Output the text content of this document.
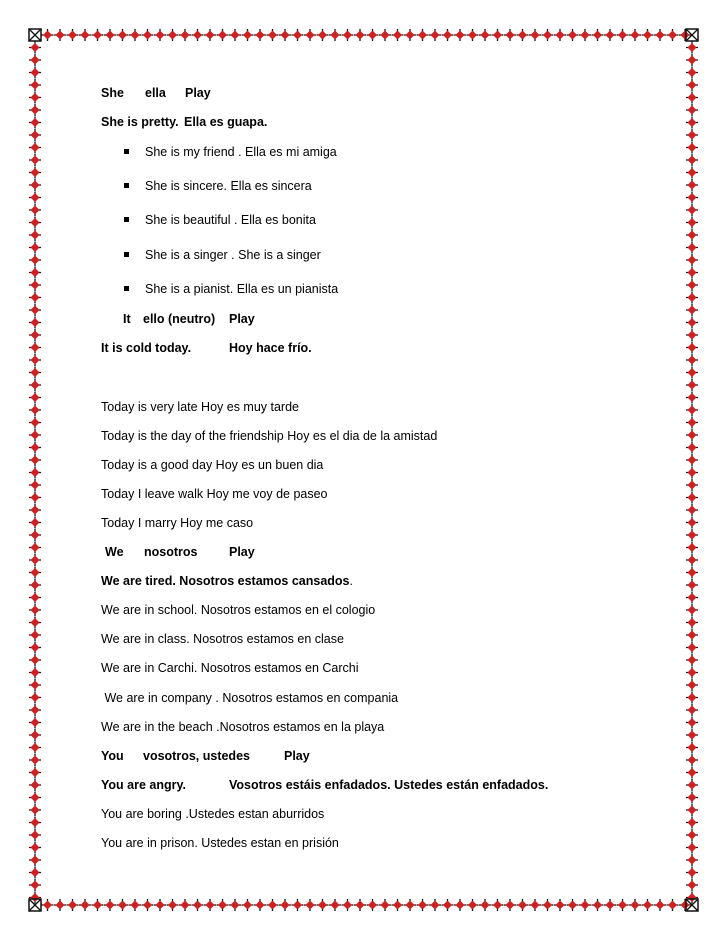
She ella Play
She is pretty. Ella es guapa.
She is my friend . Ella es mi amiga
She is sincere. Ella es sincera
She is beautiful . Ella es bonita
She is a singer . She is a singer
She is a pianist. Ella es un pianista
It ello (neutro) Play
It is cold today.	Hoy hace frío.
Today is very late Hoy es muy tarde
Today is the day of the friendship Hoy es el dia de la amistad
Today is a good day Hoy es un buen dia
Today I leave walk Hoy me voy de paseo
Today I marry Hoy me caso
We nosotros	Play
We are tired. Nosotros estamos cansados.
We are in school. Nosotros estamos en el cologio
We are in class. Nosotros estamos en clase
We are in Carchi. Nosotros estamos en Carchi
We are in company . Nosotros estamos en compania
We are in the beach .Nosotros estamos en la playa
You vosotros, ustedes	Play
You are angry.	Vosotros estáis enfadados. Ustedes están enfadados.
You are boring .Ustedes estan aburridos
You are in prison. Ustedes estan en prisión
